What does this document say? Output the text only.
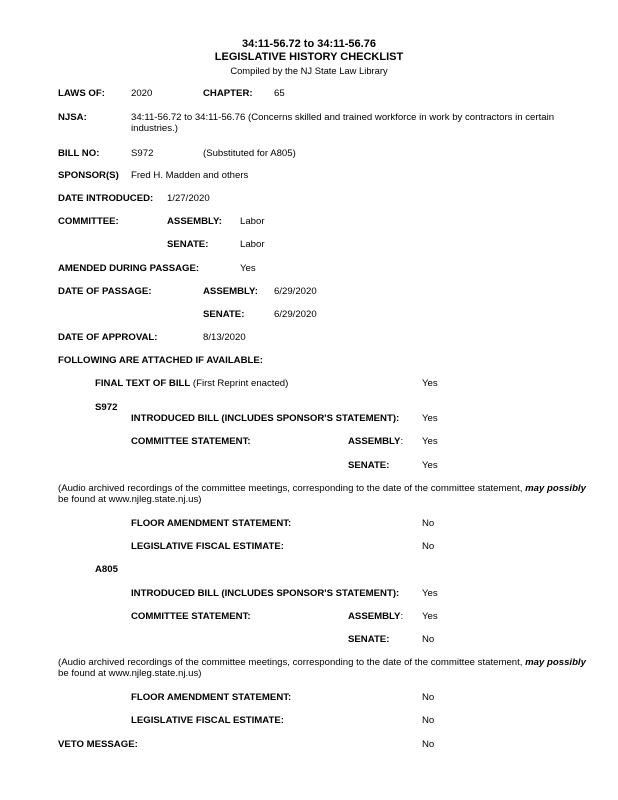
34:11-56.72 to 34:11-56.76
LEGISLATIVE HISTORY CHECKLIST
Compiled by the NJ State Law Library
LAWS OF:	2020	CHAPTER: 65
NJSA:	34:11-56.72 to 34:11-56.76 (Concerns skilled and trained workforce in work by contractors in certain industries.)
BILL NO:	S972	(Substituted for A805)
SPONSOR(S) Fred H. Madden and others
DATE INTRODUCED: 1/27/2020
COMMITTEE:	ASSEMBLY: Labor
SENATE:	Labor
AMENDED DURING PASSAGE:	Yes
DATE OF PASSAGE:	ASSEMBLY: 6/29/2020
SENATE:	6/29/2020
DATE OF APPROVAL:	8/13/2020
FOLLOWING ARE ATTACHED IF AVAILABLE:
FINAL TEXT OF BILL (First Reprint enacted)	Yes
S972
INTRODUCED BILL (INCLUDES SPONSOR'S STATEMENT): Yes
COMMITTEE STATEMENT:	ASSEMBLY: Yes
SENATE:	Yes
(Audio archived recordings of the committee meetings, corresponding to the date of the committee statement, may possibly
be found at www.njleg.state.nj.us)
FLOOR AMENDMENT STATEMENT:	No
LEGISLATIVE FISCAL ESTIMATE:	No
A805
INTRODUCED BILL (INCLUDES SPONSOR'S STATEMENT): Yes
COMMITTEE STATEMENT:	ASSEMBLY: Yes
SENATE:	No
(Audio archived recordings of the committee meetings, corresponding to the date of the committee statement, may possibly
be found at www.njleg.state.nj.us)
FLOOR AMENDMENT STATEMENT:	No
LEGISLATIVE FISCAL ESTIMATE:	No
VETO MESSAGE:	No
